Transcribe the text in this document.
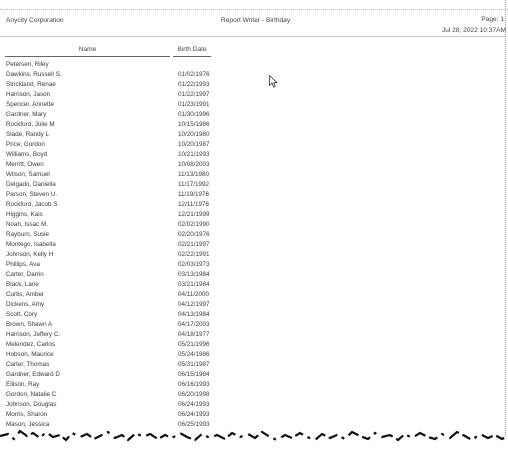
Anycity Corporation	Report Writer - Birthday	Page: 1
Jul 28, 2022 10:37AM
Name	Birth Date
Petersen, Riley
Dawkins, Russell S.	01/02/1976
Strickland, Renae	01/22/1993
Harrison, Jason	01/22/1997
Spencer, Annette	01/23/1991
Gardner, Mary	01/30/1996
Rockford, Julie M	10/15/1986
Slade, Randy L	10/20/1980
Price, Gordon	10/20/1987
Williams, Boyd	10/21/1993
Merritt, Owen	10/08/2003
Wilson, Samuel	11/13/1980
Delgado, Daniella	11/17/1992
Parson, Steven U.	11/19/1976
Rockford, Jacob S	12/11/1976
Higgins, Kais	12/21/1999
Noah, Issac M.	02/02/1990
Rayburn, Susie	02/20/1976
Montego, Isabella	02/21/1997
Johnson, Kelly H	02/22/1991
Phillips, Ava	02/03/1973
Carter, Darrin	03/13/1984
Black, Lane	03/21/1984
Curtis, Amber	04/11/2000
Dickens, Amy	04/12/1997
Scott, Cory	04/13/1984
Brown, Shawn A	04/17/2003
Harrison, Jeffery C.	04/18/1977
Melendez, Carlos	05/21/1996
Hobson, Maurice	05/24/1986
Carter, Thomas	05/31/1987
Gardner, Edward D	06/15/1984
Ellison, Ray	06/16/1993
Gordon, Natalie C	06/20/1998
Johnson, Douglas	06/24/1993
Morris, Sharon	06/24/1993
Mason, Jessica	06/25/1993
